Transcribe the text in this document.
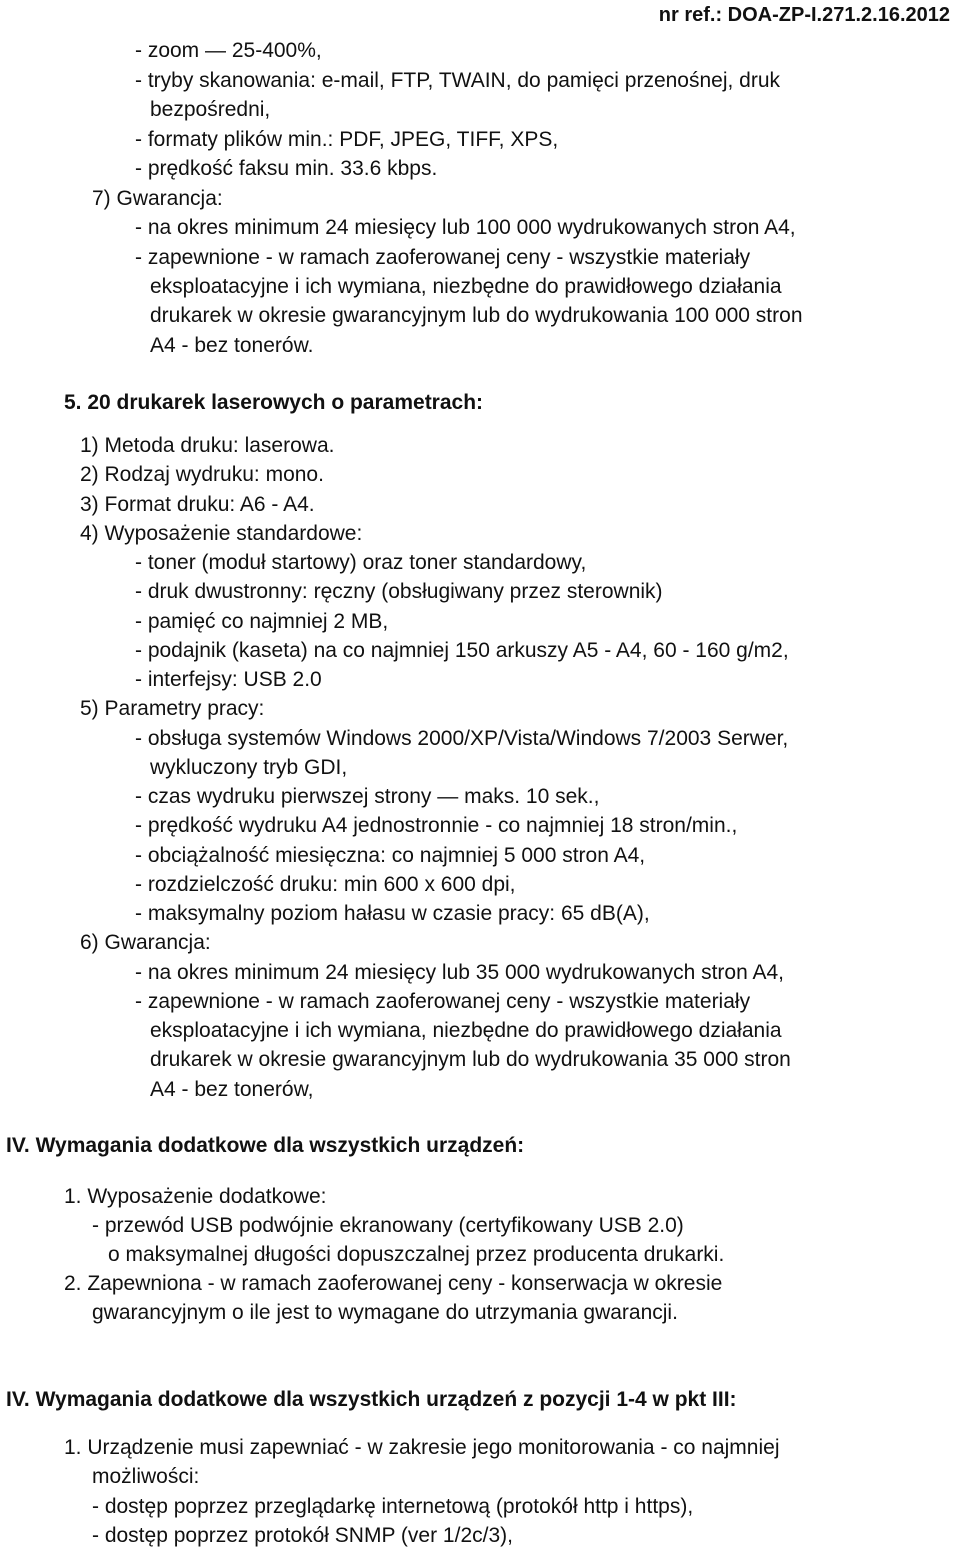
nr ref.: DOA-ZP-I.271.2.16.2012
- zoom — 25-400%,
- tryby skanowania: e-mail, FTP, TWAIN, do pamięci przenośnej, druk
bezpośredni,
- formaty plików min.: PDF, JPEG, TIFF, XPS,
- prędkość faksu min. 33.6 kbps.
7) Gwarancja:
- na okres minimum 24 miesięcy lub 100 000 wydrukowanych stron A4,
- zapewnione - w ramach zaoferowanej ceny - wszystkie materiały
eksploatacyjne i ich wymiana, niezbędne do prawidłowego działania
drukarek w okresie gwarancyjnym lub do wydrukowania 100 000 stron
A4 - bez tonerów.
5. 20 drukarek laserowych o parametrach:
1) Metoda druku: laserowa.
2) Rodzaj wydruku: mono.
3) Format druku: A6 - A4.
4) Wyposażenie standardowe:
- toner (moduł startowy) oraz toner standardowy,
- druk dwustronny: ręczny (obsługiwany przez sterownik)
- pamięć co najmniej 2 MB,
- podajnik (kaseta) na co najmniej 150 arkuszy A5 - A4, 60 - 160 g/m2,
- interfejsy: USB 2.0
5) Parametry pracy:
- obsługa systemów Windows 2000/XP/Vista/Windows 7/2003 Serwer,
wykluczony tryb GDI,
- czas wydruku pierwszej strony — maks. 10 sek.,
- prędkość wydruku A4 jednostronnie - co najmniej 18 stron/min.,
- obciążalność miesięczna: co najmniej 5 000 stron A4,
- rozdzielczość druku: min 600 x 600 dpi,
- maksymalny poziom hałasu w czasie pracy: 65 dB(A),
6) Gwarancja:
- na okres minimum 24 miesięcy lub 35 000 wydrukowanych stron A4,
- zapewnione - w ramach zaoferowanej ceny - wszystkie materiały
eksploatacyjne i ich wymiana, niezbędne do prawidłowego działania
drukarek w okresie gwarancyjnym lub do wydrukowania 35 000 stron
A4 - bez tonerów,
IV. Wymagania dodatkowe dla wszystkich urządzeń:
1. Wyposażenie dodatkowe:
- przewód USB podwójnie ekranowany (certyfikowany USB 2.0)
o maksymalnej długości dopuszczalnej przez producenta drukarki.
2. Zapewniona - w ramach zaoferowanej ceny - konserwacja w okresie
gwarancyjnym o ile jest to wymagane do utrzymania gwarancji.
IV. Wymagania dodatkowe dla wszystkich urządzeń z pozycji 1-4 w pkt III:
1. Urządzenie musi zapewniać - w zakresie jego monitorowania - co najmniej
możliwości:
- dostęp poprzez przeglądarkę internetową (protokół http i https),
- dostęp poprzez protokół SNMP (ver 1/2c/3),
